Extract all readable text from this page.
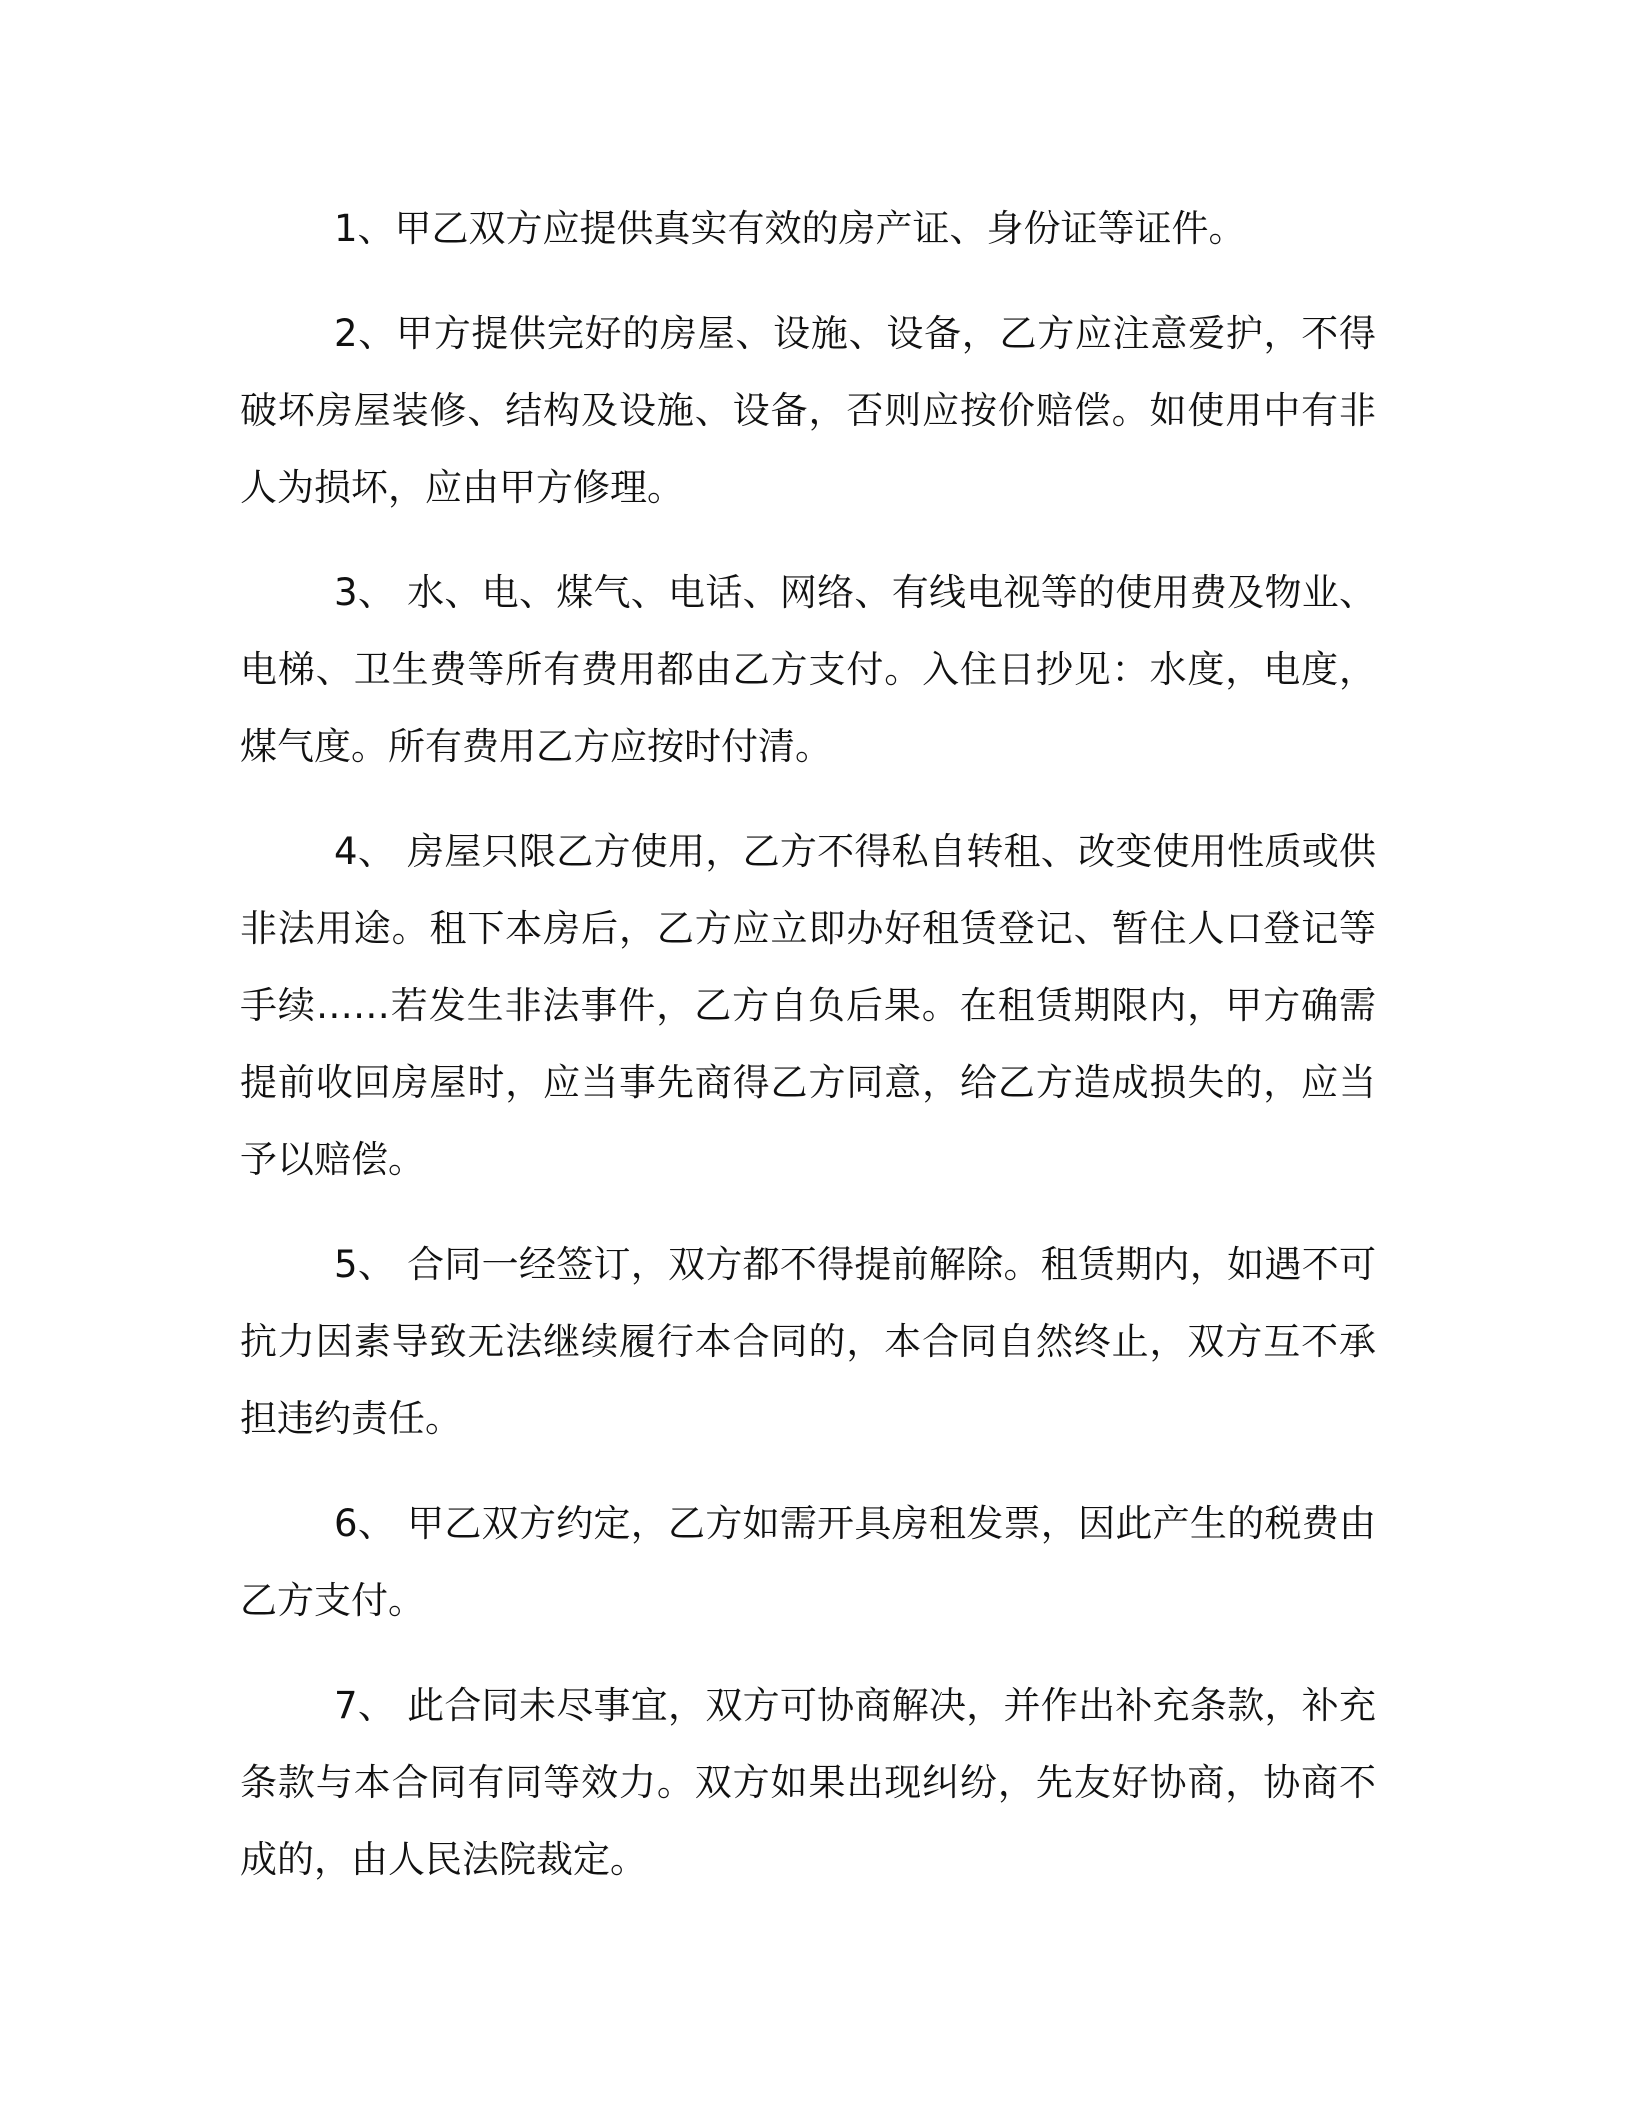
1、甲乙双方应提供真实有效的房产证、身份证等证件。

2、甲方提供完好的房屋、设施、设备，乙方应注意爱护，不得破坏房屋装修、结构及设施、设备，否则应按价赔偿。如使用中有非人为损坏，应由甲方修理。

3、 水、电、煤气、电话、网络、有线电视等的使用费及物业、电梯、卫生费等所有费用都由乙方支付。入住日抄见：水度，电度，煤气度。所有费用乙方应按时付清。

4、 房屋只限乙方使用，乙方不得私自转租、改变使用性质或供非法用途。租下本房后，乙方应立即办好租赁登记、暂住人口登记等手续……若发生非法事件，乙方自负后果。在租赁期限内，甲方确需提前收回房屋时，应当事先商得乙方同意，给乙方造成损失的，应当予以赔偿。

5、 合同一经签订，双方都不得提前解除。租赁期内，如遇不可抗力因素导致无法继续履行本合同的，本合同自然终止，双方互不承担违约责任。

6、 甲乙双方约定，乙方如需开具房租发票，因此产生的税费由乙方支付。

7、 此合同未尽事宜，双方可协商解决，并作出补充条款，补充条款与本合同有同等效力。双方如果出现纠纷，先友好协商，协商不成的，由人民法院裁定。
